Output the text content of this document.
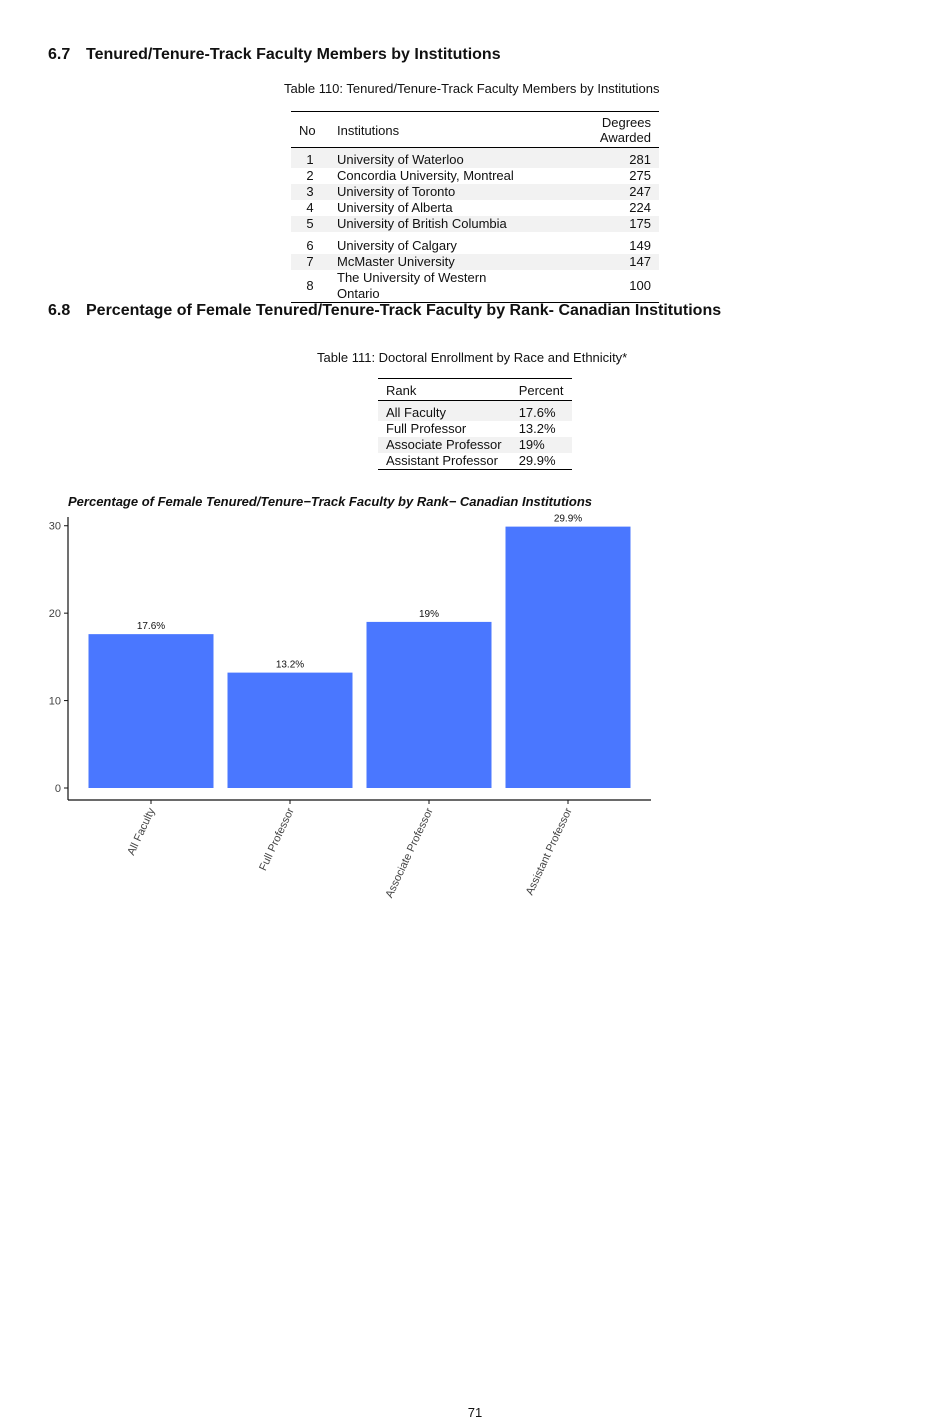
6.7 Tenured/Tenure-Track Faculty Members by Institutions
Table 110: Tenured/Tenure-Track Faculty Members by Institutions
No	Institutions	Degrees Awarded
1	University of Waterloo	281
2	Concordia University, Montreal	275
3	University of Toronto	247
4	University of Alberta	224
5	University of British Columbia	175
6	University of Calgary	149
7	McMaster University	147
8	The University of Western Ontario	100
6.8 Percentage of Female Tenured/Tenure-Track Faculty by Rank- Canadian Institutions
Table 111: Doctoral Enrollment by Race and Ethnicity*
Rank	Percent
All Faculty	17.6%
Full Professor	13.2%
Associate Professor	19%
Assistant Professor	29.9%
Percentage of Female Tenured/Tenure−Track Faculty by Rank− Canadian Institutions
17.6%
13.2%
19%
29.9%
0
10
20
30
All Faculty	Full Professor	Associate Professor	Assistant Professor
71
